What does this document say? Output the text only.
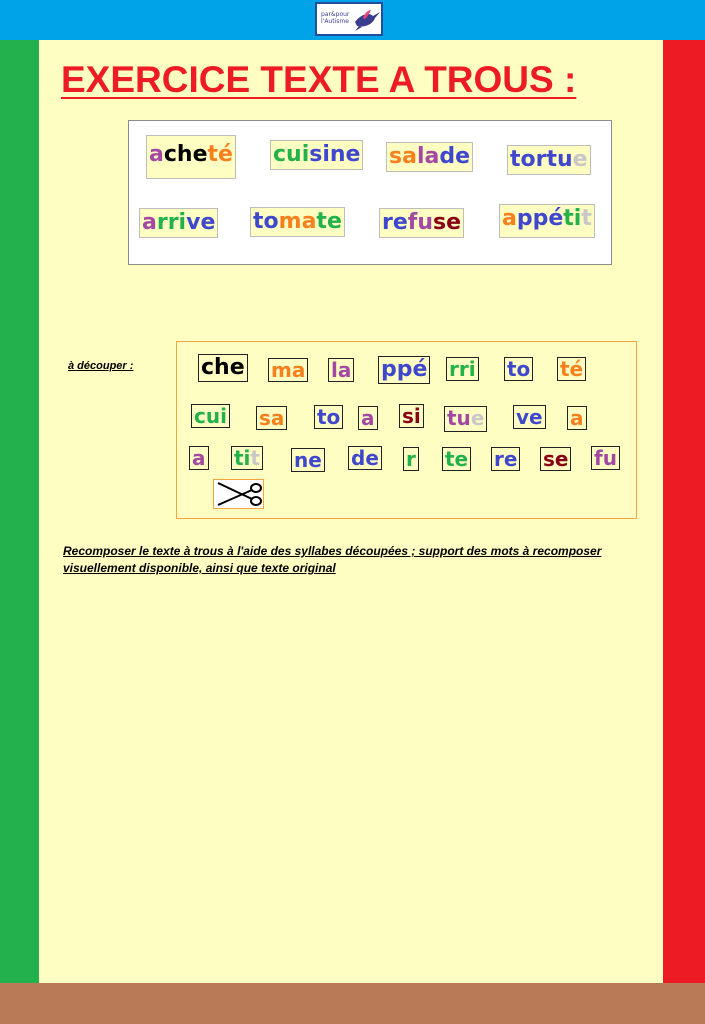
par&pour
l'Autisme
EXERCICE TEXTE A TROUS :
acheté cuisine salade tortue
arrive tomate refuse appétit
à découper :	che ma la ppé rri to té
cui sa to a si tue ve a
a tit ne de r te re se fu
Recomposer le texte à trous à l'aide des syllabes découpées ; support des mots à recomposer visuellement disponible, ainsi que texte original
